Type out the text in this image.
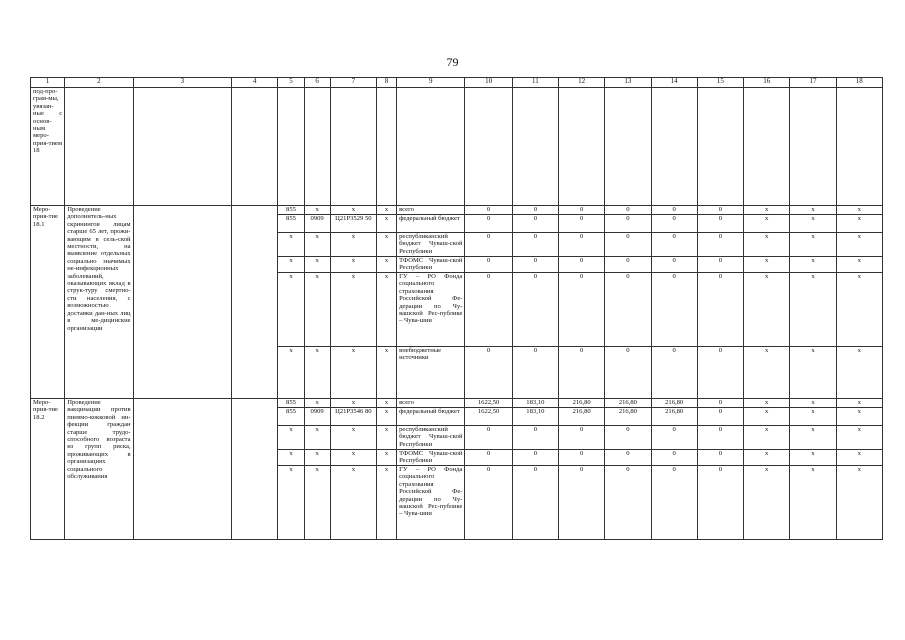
79
1	2	3	4	5	6	7	8	9	10	11	12	13	14	15	16	17	18
под-про-грам-мы, увязан-ные с основ-ным меро-прия-тием 18																	
Меро-прия-тие 18.1	Проведение дополнитель-ных скринингов лицам старше 65 лет, прожи-вающим в сель-ской местности, на выявление отдельных социально значимых не-инфекционных заболеваний, оказывающих вклад в струк-туру смертно-сти населения, с возможностью доставки дан-ных лиц в ме-дицинские организации			855	x	x	x	всего	0	0	0	0	0	0	x	x	x
				855	0909	Ц21Р3529 50	x	федеральный бюджет	0	0	0	0	0	0	x	x	x
				x	x	x	x	республиканский бюджет Чуваш-ской Республики	0	0	0	0	0	0	x	x	x
				x	x	x	x	ТФОМС Чуваш-ской Республики	0	0	0	0	0	0	x	x	x
				x	x	x	x	ГУ – РО Фонда социального страхования Российской Фе-дерации по Чу-вашской Рес-публике – Чува-шии	0	0	0	0	0	0	x	x	x
				x	x	x	x	внебюджетные источники	0	0	0	0	0	0	x	x	x
Меро-прия-тие 18.2	Проведение вакцинации против пневмо-кокковой ин-фекции граждан старше трудо-способного возраста из групп риска, проживающих в организациях социального обслуживания			855	x	x	x	всего	1622,50	183,10	216,80	216,80	216,80	0	x	x	x
				855	0909	Ц21Р3546 80	x	федеральный бюджет	1622,50	183,10	216,80	216,80	216,80	0	x	x	x
				x	x	x	x	республиканский бюджет Чуваш-ской Республики	0	0	0	0	0	0	x	x	x
				x	x	x	x	ТФОМС Чуваш-ской Республики	0	0	0	0	0	0	x	x	x
				x	x	x	x	ГУ – РО Фонда социального страхования Российской Фе-дерации по Чу-вашской Рес-публике – Чува-шии	0	0	0	0	0	0	x	x	x
